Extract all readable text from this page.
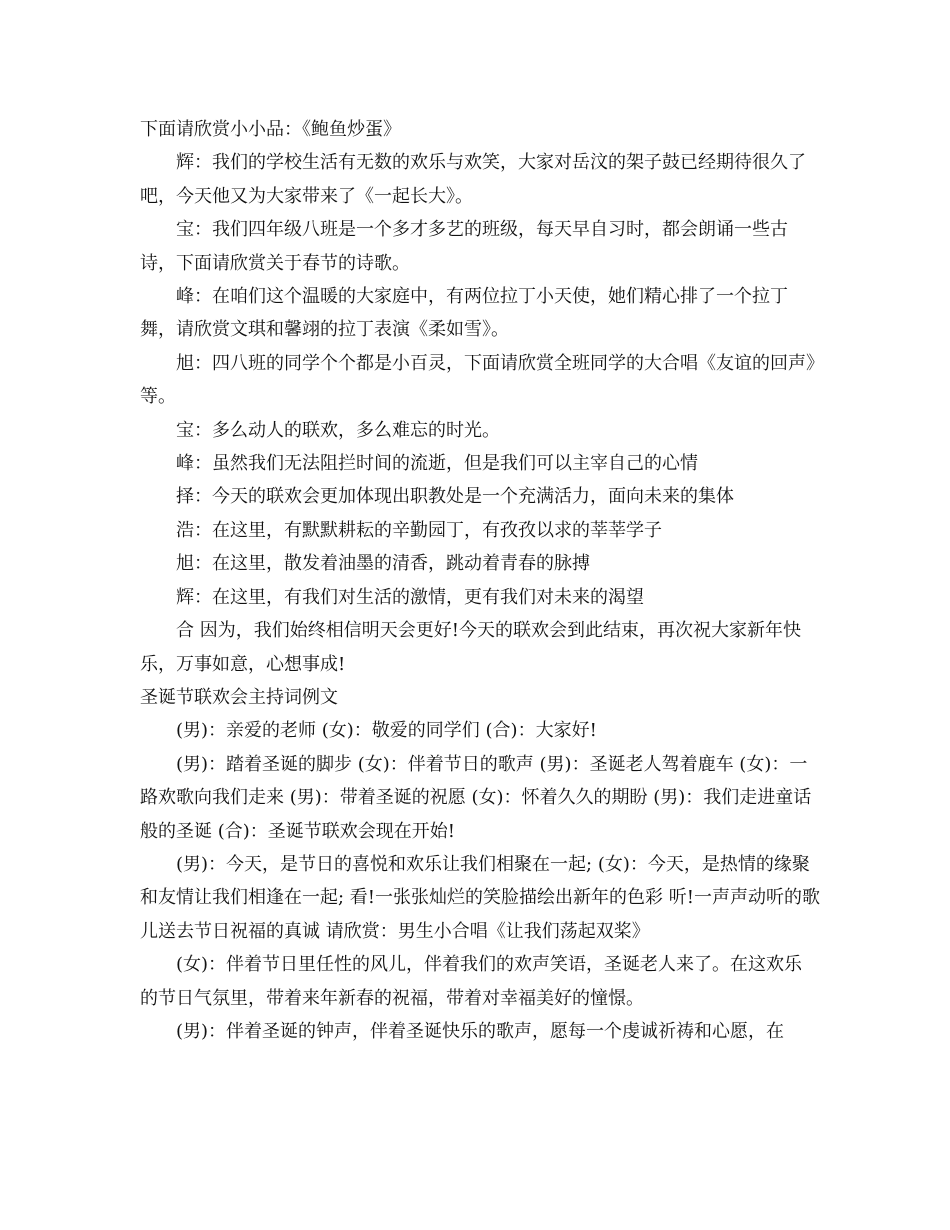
下面请欣赏小小品：《鲍鱼炒蛋》

辉：我们的学校生活有无数的欢乐与欢笑，大家对岳汶的架子鼓已经期待很久了吧，今天他又为大家带来了《一起长大》。

宝：我们四年级八班是一个多才多艺的班级，每天早自习时，都会朗诵一些古诗，下面请欣赏关于春节的诗歌。

峰：在咱们这个温暖的大家庭中，有两位拉丁小天使，她们精心排了一个拉丁舞，请欣赏文琪和馨翊的拉丁表演《柔如雪》。

旭：四八班的同学个个都是小百灵，下面请欣赏全班同学的大合唱《友谊的回声》等。

宝：多么动人的联欢，多么难忘的时光。

峰：虽然我们无法阻拦时间的流逝，但是我们可以主宰自己的心情

择：今天的联欢会更加体现出职教处是一个充满活力，面向未来的集体

浩：在这里，有默默耕耘的辛勤园丁，有孜孜以求的莘莘学子

旭：在这里，散发着油墨的清香，跳动着青春的脉搏

辉：在这里，有我们对生活的激情，更有我们对未来的渴望

合 因为，我们始终相信明天会更好!今天的联欢会到此结束，再次祝大家新年快乐，万事如意，心想事成!

圣诞节联欢会主持词例文

(男)：亲爱的老师 (女)：敬爱的同学们 (合)：大家好!

(男)：踏着圣诞的脚步 (女)：伴着节日的歌声 (男)：圣诞老人驾着鹿车 (女)：一路欢歌向我们走来 (男)：带着圣诞的祝愿 (女)：怀着久久的期盼 (男)：我们走进童话般的圣诞 (合)：圣诞节联欢会现在开始!

(男)：今天，是节日的喜悦和欢乐让我们相聚在一起; (女)：今天，是热情的缘聚和友情让我们相逢在一起; 看!一张张灿烂的笑脸描绘出新年的色彩 听!一声声动听的歌儿送去节日祝福的真诚 请欣赏：男生小合唱《让我们荡起双桨》

(女)：伴着节日里任性的风儿，伴着我们的欢声笑语，圣诞老人来了。在这欢乐的节日气氛里，带着来年新春的祝福，带着对幸福美好的憧憬。

(男)：伴着圣诞的钟声，伴着圣诞快乐的歌声，愿每一个虔诚祈祷和心愿，在
